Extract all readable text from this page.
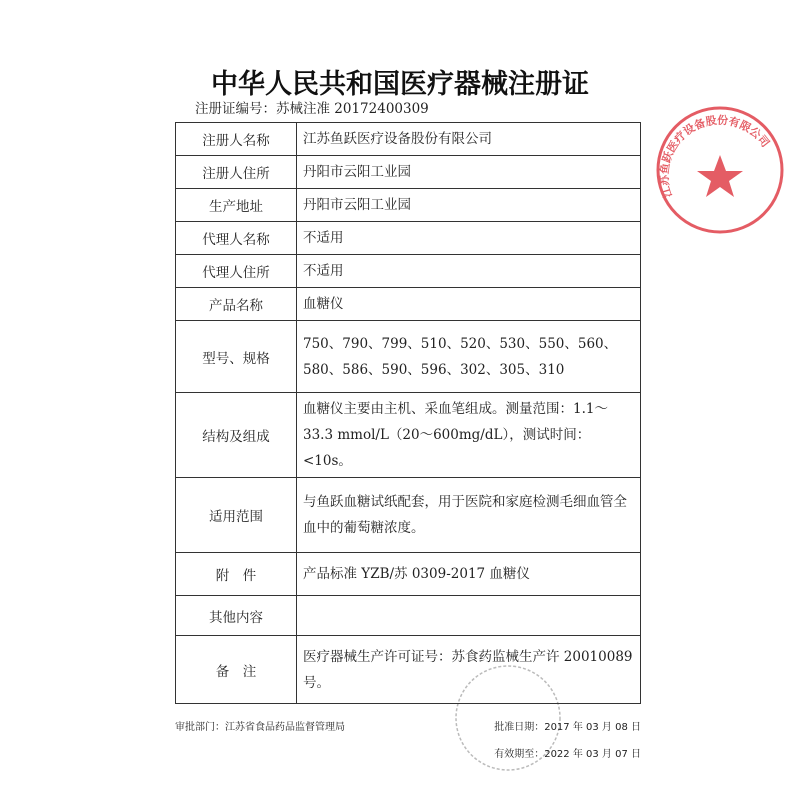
江苏鱼跃医疗设备股份有限公司
中华人民共和国医疗器械注册证
注册证编号：苏械注准 20172400309
注册人名称	江苏鱼跃医疗设备股份有限公司
注册人住所	丹阳市云阳工业园
生产地址	丹阳市云阳工业园
代理人名称	不适用
代理人住所	不适用
产品名称	血糖仪
型号、规格	750、790、799、510、520、530、550、560、580、586、590、596、302、305、310
结构及组成	血糖仪主要由主机、采血笔组成。测量范围：1.1～33.3 mmol/L（20～600mg/dL），测试时间：<10s。
适用范围	与鱼跃血糖试纸配套，用于医院和家庭检测毛细血管全血中的葡萄糖浓度。
附　件	产品标准 YZB/苏 0309-2017 血糖仪
其他内容	
备　注	医疗器械生产许可证号：苏食药监械生产许 20010089 号。
审批部门：江苏省食品药品监督管理局	批准日期：2017 年 03 月 08 日
有效期至：2022 年 03 月 07 日
